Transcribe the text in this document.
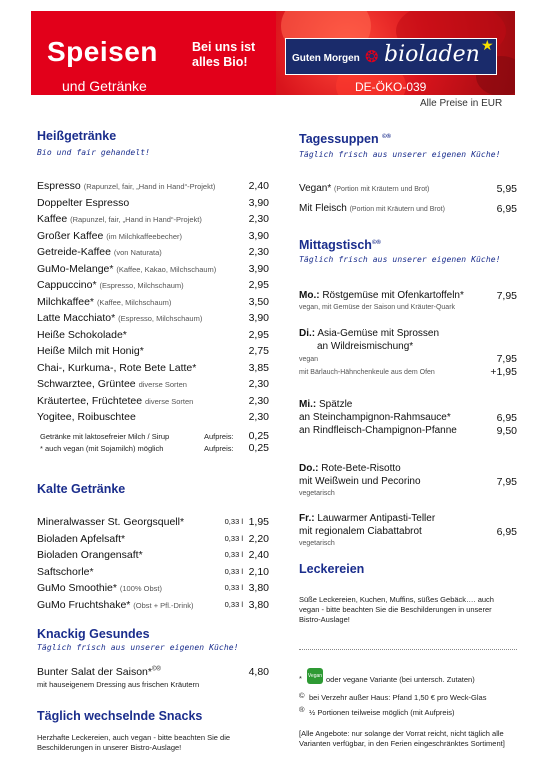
Speisen
und Getränke
Bei uns ist alles Bio!	Guten Morgen ❂ bioladen ★
DE-ÖKO-039
Alle Preise in EUR
Heißgetränke
Bio und fair gehandelt!
Espresso (Rapunzel, fair, „Hand in Hand“-Projekt)	2,40
Doppelter Espresso	3,90
Kaffee (Rapunzel, fair, „Hand in Hand“-Projekt)	2,30
Großer Kaffee (im Milchkaffeebecher)	3,90
Getreide-Kaffee (von Naturata)	2,30
GuMo-Melange* (Kaffee, Kakao, Milchschaum)	3,90
Cappuccino* (Espresso, Milchschaum)	2,95
Milchkaffee* (Kaffee, Milchschaum)	3,50
Latte Macchiato* (Espresso, Milchschaum)	3,90
Heiße Schokolade*	2,95
Heiße Milch mit Honig*	2,75
Chai-, Kurkuma-, Rote Bete Latte*	3,85
Schwarztee, Grüntee diverse Sorten	2,30
Kräutertee, Früchtetee diverse Sorten	2,30
Yogitee, Roibuschtee	2,30
Getränke mit laktosefreier Milch / Sirup	Aufpreis: 0,25
* auch vegan (mit Sojamilch) möglich	Aufpreis: 0,25
Kalte Getränke
Mineralwasser St. Georgsquell*	0,33 l 1,95
Bioladen Apfelsaft*	0,33 l 2,20
Bioladen Orangensaft*	0,33 l 2,40
Saftschorle*	0,33 l 2,10
GuMo Smoothie* (100% Obst)	0,33 l 3,80
GuMo Fruchtshake* (Obst + Pfl.-Drink)	0,33 l 3,80
Knackig Gesundes
Täglich frisch aus unserer eigenen Küche!
Bunter Salat der Saison*©®	4,80
mit hauseigenem Dressing aus frischen Kräutern
Täglich wechselnde Snacks
Herzhafte Leckereien, auch vegan - bitte beachten Sie die Beschilderungen in unserer Bistro-Auslage!
Tagessuppen ©®
Täglich frisch aus unserer eigenen Küche!
Vegan* (Portion mit Kräutern und Brot)	5,95
Mit Fleisch (Portion mit Kräutern und Brot)	6,95
Mittagstisch©®
Täglich frisch aus unserer eigenen Küche!
Mo.: Röstgemüse mit Ofenkartoffeln*	7,95
vegan, mit Gemüse der Saison und Kräuter-Quark
Di.: Asia-Gemüse mit Sprossen
an Wildreismischung*
vegan	7,95
mit Bärlauch-Hähnchenkeule aus dem Ofen	+1,95
Mi.: Spätzle
an Steinchampignon-Rahmsauce*	6,95
an Rindfleisch-Champignon-Pfanne	9,50
Do.: Rote-Bete-Risotto
mit Weißwein und Pecorino	7,95
vegetarisch
Fr.: Lauwarmer Antipasti-Teller
mit regionalem Ciabattabrot	6,95
vegetarisch
Leckereien
Süße Leckereien, Kuchen, Muffins, süßes Gebäck…. auch vegan - bitte beachten Sie die Beschilderungen in unserer Bistro-Auslage!
* Vegan oder vegane Variante (bei untersch. Zutaten)
© bei Verzehr außer Haus: Pfand 1,50 € pro Weck-Glas
® ½ Portionen teilweise möglich (mit Aufpreis)
[Alle Angebote: nur solange der Vorrat reicht, nicht täglich alle Varianten verfügbar, in den Ferien eingeschränktes Sortiment]
